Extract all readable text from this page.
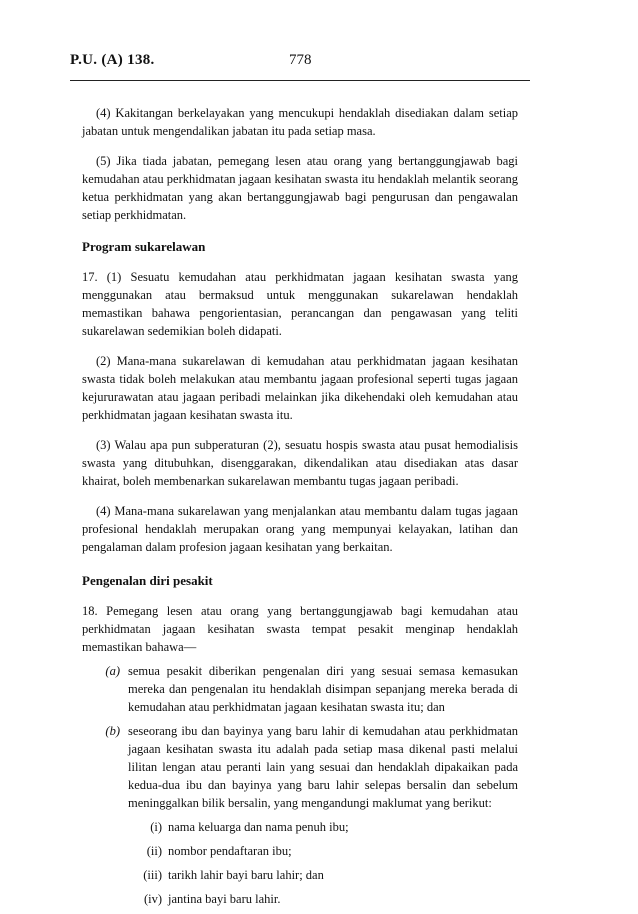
P.U. (A) 138.	778

(4) Kakitangan berkelayakan yang mencukupi hendaklah disediakan dalam setiap jabatan untuk mengendalikan jabatan itu pada setiap masa.

(5) Jika tiada jabatan, pemegang lesen atau orang yang bertanggungjawab bagi kemudahan atau perkhidmatan jagaan kesihatan swasta itu hendaklah melantik seorang ketua perkhidmatan yang akan bertanggungjawab bagi pengurusan dan pengawalan setiap perkhidmatan.

Program sukarelawan

17. (1) Sesuatu kemudahan atau perkhidmatan jagaan kesihatan swasta yang menggunakan atau bermaksud untuk menggunakan sukarelawan hendaklah memastikan bahawa pengorientasian, perancangan dan pengawasan yang teliti sukarelawan sedemikian boleh didapati.

(2) Mana-mana sukarelawan di kemudahan atau perkhidmatan jagaan kesihatan swasta tidak boleh melakukan atau membantu jagaan profesional seperti tugas jagaan kejururawatan atau jagaan peribadi melainkan jika dikehendaki oleh kemudahan atau perkhidmatan jagaan kesihatan swasta itu.

(3) Walau apa pun subperaturan (2), sesuatu hospis swasta atau pusat hemodialisis swasta yang ditubuhkan, disenggarakan, dikendalikan atau disediakan atas dasar khairat, boleh membenarkan sukarelawan membantu tugas jagaan peribadi.

(4) Mana-mana sukarelawan yang menjalankan atau membantu dalam tugas jagaan profesional hendaklah merupakan orang yang mempunyai kelayakan, latihan dan pengalaman dalam profesion jagaan kesihatan yang berkaitan.

Pengenalan diri pesakit

18. Pemegang lesen atau orang yang bertanggungjawab bagi kemudahan atau perkhidmatan jagaan kesihatan swasta tempat pesakit menginap hendaklah memastikan bahawa—

(a) semua pesakit diberikan pengenalan diri yang sesuai semasa kemasukan mereka dan pengenalan itu hendaklah disimpan sepanjang mereka berada di kemudahan atau perkhidmatan jagaan kesihatan swasta itu; dan
(b) seseorang ibu dan bayinya yang baru lahir di kemudahan atau perkhidmatan jagaan kesihatan swasta itu adalah pada setiap masa dikenal pasti melalui lilitan lengan atau peranti lain yang sesuai dan hendaklah dipakaikan pada kedua-dua ibu dan bayinya yang baru lahir selepas bersalin dan sebelum meninggalkan bilik bersalin, yang mengandungi maklumat yang berikut:
(i) nama keluarga dan nama penuh ibu;
(ii) nombor pendaftaran ibu;
(iii) tarikh lahir bayi baru lahir; dan
(iv) jantina bayi baru lahir.
